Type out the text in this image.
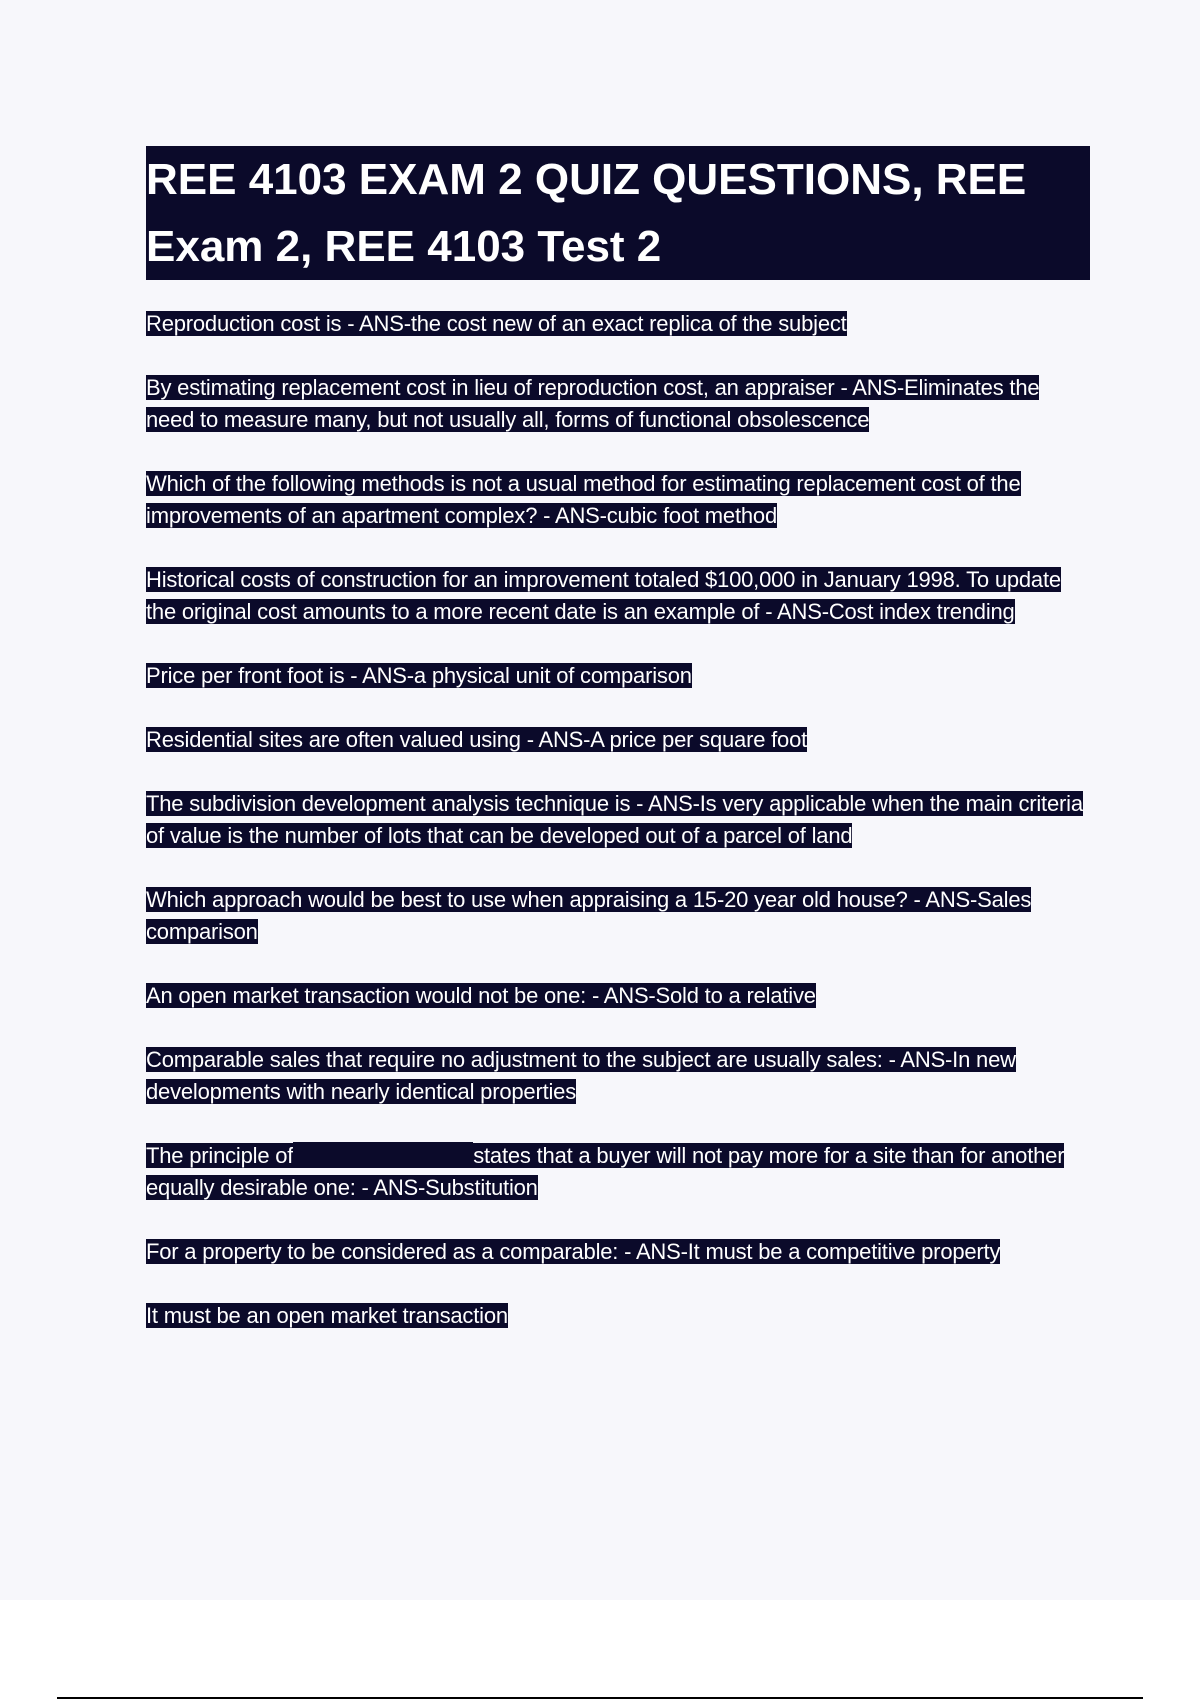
REE 4103 EXAM 2 QUIZ QUESTIONS, REE Exam 2, REE 4103 Test 2

Reproduction cost is - ANS-the cost new of an exact replica of the subject

By estimating replacement cost in lieu of reproduction cost, an appraiser - ANS-Eliminates the need to measure many, but not usually all, forms of functional obsolescence

Which of the following methods is not a usual method for estimating replacement cost of the improvements of an apartment complex? - ANS-cubic foot method

Historical costs of construction for an improvement totaled $100,000 in January 1998. To update the original cost amounts to a more recent date is an example of - ANS-Cost index trending

Price per front foot is - ANS-a physical unit of comparison

Residential sites are often valued using - ANS-A price per square foot

The subdivision development analysis technique is - ANS-Is very applicable when the main criteria of value is the number of lots that can be developed out of a parcel of land

Which approach would be best to use when appraising a 15-20 year old house? - ANS-Sales comparison

An open market transaction would not be one: - ANS-Sold to a relative

Comparable sales that require no adjustment to the subject are usually sales: - ANS-In new developments with nearly identical properties

The principle of	states that a buyer will not pay more for a site than for another equally desirable one: - ANS-Substitution

For a property to be considered as a comparable: - ANS-It must be a competitive property

It must be an open market transaction
